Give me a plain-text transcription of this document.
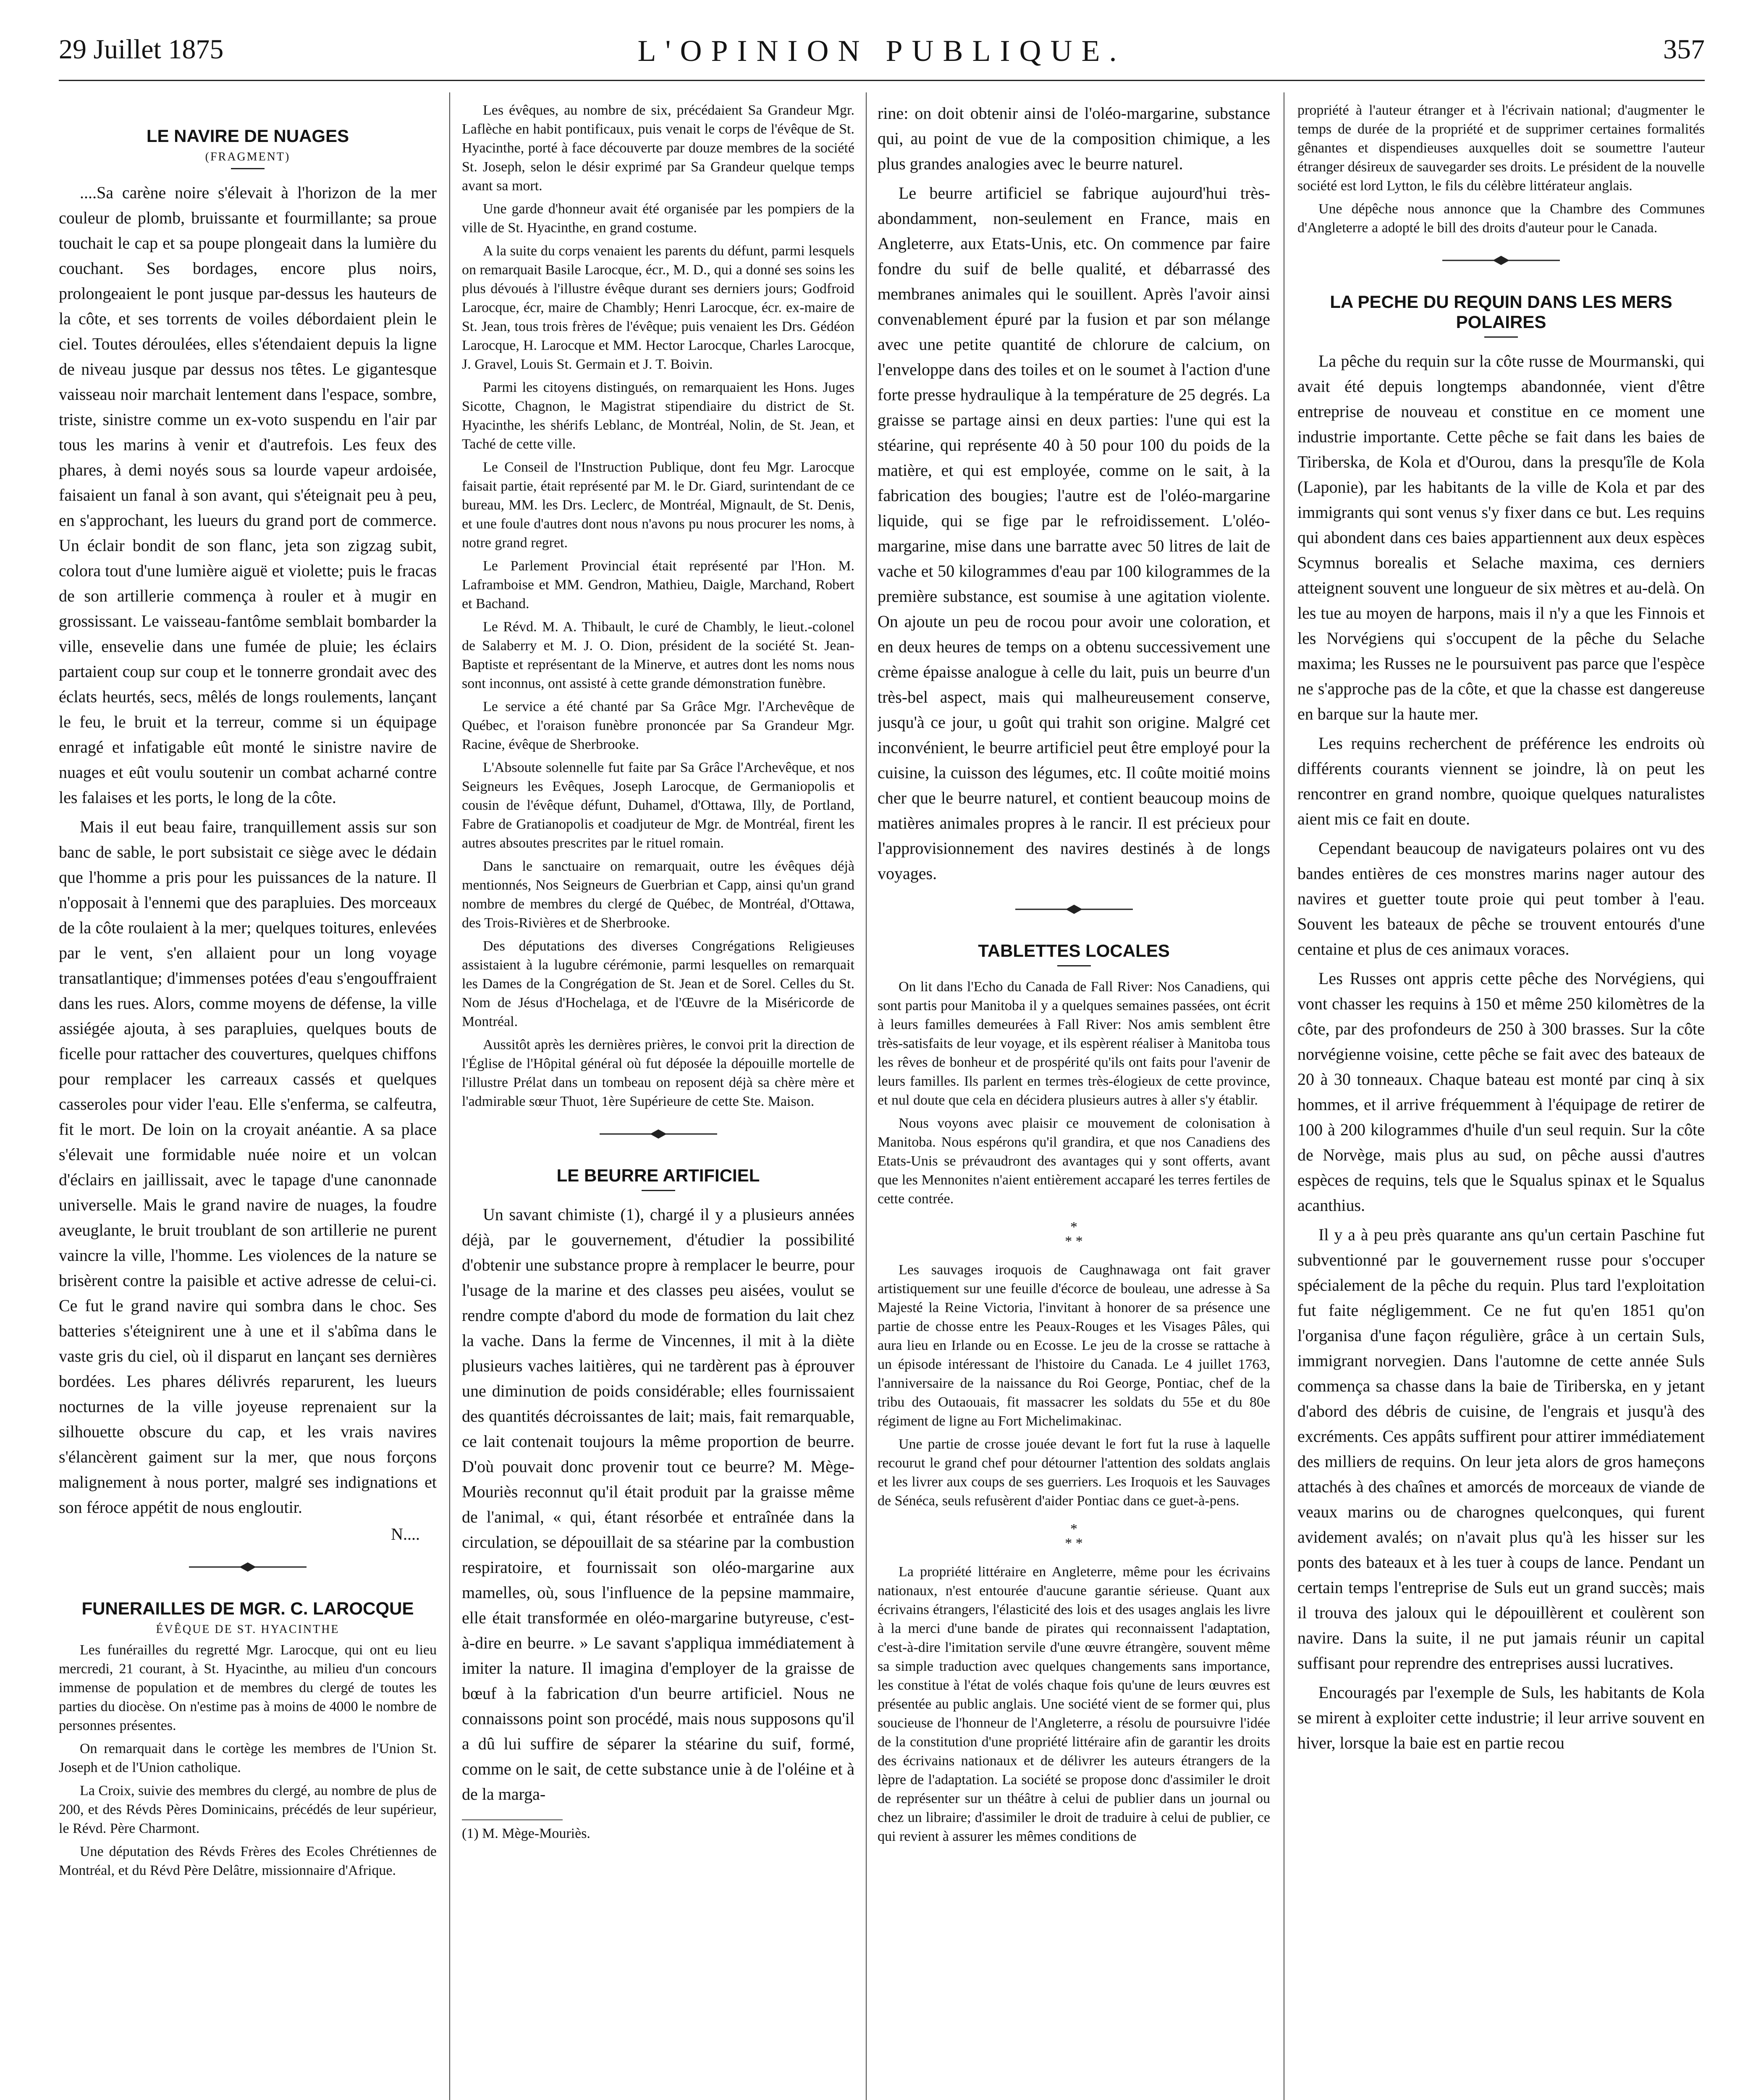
29 Juillet 1875	L'OPINION PUBLIQUE.	357
LE NAVIRE DE NUAGES
(FRAGMENT)

....Sa carène noire s'élevait à l'horizon de la mer couleur de plomb, bruissante et fourmillante; sa proue touchait le cap et sa poupe plongeait dans la lumière du couchant. Ses bordages, encore plus noirs, prolongeaient le pont jusque par-dessus les hauteurs de la côte, et ses torrents de voiles débordaient plein le ciel. Toutes déroulées, elles s'étendaient depuis la ligne de niveau jusque par dessus nos têtes. Le gigantesque vaisseau noir marchait lentement dans l'espace, sombre, triste, sinistre comme un ex-voto suspendu en l'air par tous les marins à venir et d'autrefois. Les feux des phares, à demi noyés sous sa lourde vapeur ardoisée, faisaient un fanal à son avant, qui s'éteignait peu à peu, en s'approchant, les lueurs du grand port de commerce. Un éclair bondit de son flanc, jeta son zigzag subit, colora tout d'une lumière aiguë et violette; puis le fracas de son artillerie commença à rouler et à mugir en grossissant. Le vaisseau-fantôme semblait bombarder la ville, ensevelie dans une fumée de pluie; les éclairs partaient coup sur coup et le tonnerre grondait avec des éclats heurtés, secs, mêlés de longs roulements, lançant le feu, le bruit et la terreur, comme si un équipage enragé et infatigable eût monté le sinistre navire de nuages et eût voulu soutenir un combat acharné contre les falaises et les ports, le long de la côte.

Mais il eut beau faire, tranquillement assis sur son banc de sable, le port subsistait ce siège avec le dédain que l'homme a pris pour les puissances de la nature. Il n'opposait à l'ennemi que des parapluies. Des morceaux de la côte roulaient à la mer; quelques toitures, enlevées par le vent, s'en allaient pour un long voyage transatlantique; d'immenses potées d'eau s'engouffraient dans les rues. Alors, comme moyens de défense, la ville assiégée ajouta, à ses parapluies, quelques bouts de ficelle pour rattacher des couvertures, quelques chiffons pour remplacer les carreaux cassés et quelques casseroles pour vider l'eau. Elle s'enferma, se calfeutra, fit le mort. De loin on la croyait anéantie. A sa place s'élevait une formidable nuée noire et un volcan d'éclairs en jaillissait, avec le tapage d'une canonnade universelle. Mais le grand navire de nuages, la foudre aveuglante, le bruit troublant de son artillerie ne purent vaincre la ville, l'homme. Les violences de la nature se brisèrent contre la paisible et active adresse de celui-ci. Ce fut le grand navire qui sombra dans le choc. Ses batteries s'éteignirent une à une et il s'abîma dans le vaste gris du ciel, où il disparut en lançant ses dernières bordées. Les phares délivrés reparurent, les lueurs nocturnes de la ville joyeuse reprenaient sur la silhouette obscure du cap, et les vrais navires s'élancèrent gaiment sur la mer, que nous forçons malignement à nous porter, malgré ses indignations et son féroce appétit de nous engloutir.

N....
FUNERAILLES DE MGR. C. LAROCQUE
ÉVÊQUE DE ST. HYACINTHE

Les funérailles du regretté Mgr. Larocque, qui ont eu lieu mercredi, 21 courant, à St. Hyacinthe, au milieu d'un concours immense de population et de membres du clergé de toutes les parties du diocèse. On n'estime pas à moins de 4000 le nombre de personnes présentes.

On remarquait dans le cortège les membres de l'Union St. Joseph et de l'Union catholique.

La Croix, suivie des membres du clergé, au nombre de plus de 200, et des Révds Pères Dominicains, précédés de leur supérieur, le Révd. Père Charmont.

Une députation des Révds Frères des Ecoles Chrétiennes de Montréal, et du Révd Père Delâtre, missionnaire d'Afrique.

Les évêques, au nombre de six, précédaient Sa Grandeur Mgr. Laflèche en habit pontificaux, puis venait le corps de l'évêque de St. Hyacinthe, porté à face découverte par douze membres de la société St. Joseph, selon le désir exprimé par Sa Grandeur quelque temps avant sa mort.

Une garde d'honneur avait été organisée par les pompiers de la ville de St. Hyacinthe, en grand costume.

A la suite du corps venaient les parents du défunt, parmi lesquels on remarquait Basile Larocque, écr., M. D., qui a donné ses soins les plus dévoués à l'illustre évêque durant ses derniers jours; Godfroid Larocque, écr, maire de Chambly; Henri Larocque, écr. ex-maire de St. Jean, tous trois frères de l'évêque; puis venaient les Drs. Gédéon Larocque, H. Larocque et MM. Hector Larocque, Charles Larocque, J. Gravel, Louis St. Germain et J. T. Boivin.

Parmi les citoyens distingués, on remarquaient les Hons. Juges Sicotte, Chagnon, le Magistrat stipendiaire du district de St. Hyacinthe, les shérifs Leblanc, de Montréal, Nolin, de St. Jean, et Taché de cette ville.

Le Conseil de l'Instruction Publique, dont feu Mgr. Larocque faisait partie, était représenté par M. le Dr. Giard, surintendant de ce bureau, MM. les Drs. Leclerc, de Montréal, Mignault, de St. Denis, et une foule d'autres dont nous n'avons pu nous procurer les noms, à notre grand regret.

Le Parlement Provincial était représenté par l'Hon. M. Laframboise et MM. Gendron, Mathieu, Daigle, Marchand, Robert et Bachand.

Le Révd. M. A. Thibault, le curé de Chambly, le lieut.-colonel de Salaberry et M. J. O. Dion, président de la société St. Jean-Baptiste et représentant de la Minerve, et autres dont les noms nous sont inconnus, ont assisté à cette grande démonstration funèbre.

Le service a été chanté par Sa Grâce Mgr. l'Archevêque de Québec, et l'oraison funèbre prononcée par Sa Grandeur Mgr. Racine, évêque de Sherbrooke.

L'Absoute solennelle fut faite par Sa Grâce l'Archevêque, et nos Seigneurs les Evêques, Joseph Larocque, de Germaniopolis et cousin de l'évêque défunt, Duhamel, d'Ottawa, Illy, de Portland, Fabre de Gratianopolis et coadjuteur de Mgr. de Montréal, firent les autres absoutes prescrites par le rituel romain.

Dans le sanctuaire on remarquait, outre les évêques déjà mentionnés, Nos Seigneurs de Guerbrian et Capp, ainsi qu'un grand nombre de membres du clergé de Québec, de Montréal, d'Ottawa, des Trois-Rivières et de Sherbrooke.

Des députations des diverses Congrégations Religieuses assistaient à la lugubre cérémonie, parmi lesquelles on remarquait les Dames de la Congrégation de St. Jean et de Sorel. Celles du St. Nom de Jésus d'Hochelaga, et de l'Œuvre de la Miséricorde de Montréal.

Aussitôt après les dernières prières, le convoi prit la direction de l'Église de l'Hôpital général où fut déposée la dépouille mortelle de l'illustre Prélat dans un tombeau on reposent déjà sa chère mère et l'admirable sœur Thuot, 1ère Supérieure de cette Ste. Maison.

LE BEURRE ARTIFICIEL

Un savant chimiste (1), chargé il y a plusieurs années déjà, par le gouvernement, d'étudier la possibilité d'obtenir une substance propre à remplacer le beurre, pour l'usage de la marine et des classes peu aisées, voulut se rendre compte d'abord du mode de formation du lait chez la vache. Dans la ferme de Vincennes, il mit à la diète plusieurs vaches laitières, qui ne tardèrent pas à éprouver une diminution de poids considérable; elles fournissaient des quantités décroissantes de lait; mais, fait remarquable, ce lait contenait toujours la même proportion de beurre. D'où pouvait donc provenir tout ce beurre? M. Mège-Mouriès reconnut qu'il était produit par la graisse même de l'animal, « qui, étant résorbée et entraînée dans la circulation, se dépouillait de sa stéarine par la combustion respiratoire, et fournissait son oléo-margarine aux mamelles, où, sous l'influence de la pepsine mammaire, elle était transformée en oléo-margarine butyreuse, c'est-à-dire en beurre. » Le savant s'appliqua immédiatement à imiter la nature. Il imagina d'employer de la graisse de bœuf à la fabrication d'un beurre artificiel. Nous ne connaissons point son procédé, mais nous supposons qu'il a dû lui suffire de séparer la stéarine du suif, formé, comme on le sait, de cette substance unie à de l'oléine et à de la marga-

(1) M. Mège-Mouriès.

rine: on doit obtenir ainsi de l'oléo-margarine, substance qui, au point de vue de la composition chimique, a les plus grandes analogies avec le beurre naturel.

Le beurre artificiel se fabrique aujourd'hui très-abondamment, non-seulement en France, mais en Angleterre, aux Etats-Unis, etc. On commence par faire fondre du suif de belle qualité, et débarrassé des membranes animales qui le souillent. Après l'avoir ainsi convenablement épuré par la fusion et par son mélange avec une petite quantité de chlorure de calcium, on l'enveloppe dans des toiles et on le soumet à l'action d'une forte presse hydraulique à la température de 25 degrés. La graisse se partage ainsi en deux parties: l'une qui est la stéarine, qui représente 40 à 50 pour 100 du poids de la matière, et qui est employée, comme on le sait, à la fabrication des bougies; l'autre est de l'oléo-margarine liquide, qui se fige par le refroidissement. L'oléo-margarine, mise dans une barratte avec 50 litres de lait de vache et 50 kilogrammes d'eau par 100 kilogrammes de la première substance, est soumise à une agitation violente. On ajoute un peu de rocou pour avoir une coloration, et en deux heures de temps on a obtenu successivement une crème épaisse analogue à celle du lait, puis un beurre d'un très-bel aspect, mais qui malheureusement conserve, jusqu'à ce jour, u goût qui trahit son origine. Malgré cet inconvénient, le beurre artificiel peut être employé pour la cuisine, la cuisson des légumes, etc. Il coûte moitié moins cher que le beurre naturel, et contient beaucoup moins de matières animales propres à le rancir. Il est précieux pour l'approvisionnement des navires destinés à de longs voyages.

TABLETTES LOCALES

On lit dans l'Echo du Canada de Fall River: Nos Canadiens, qui sont partis pour Manitoba il y a quelques semaines passées, ont écrit à leurs familles demeurées à Fall River: Nos amis semblent être très-satisfaits de leur voyage, et ils espèrent réaliser à Manitoba tous les rêves de bonheur et de prospérité qu'ils ont faits pour l'avenir de leurs familles. Ils parlent en termes très-élogieux de cette province, et nul doute que cela en décidera plusieurs autres à aller s'y établir.

Nous voyons avec plaisir ce mouvement de colonisation à Manitoba. Nous espérons qu'il grandira, et que nos Canadiens des Etats-Unis se prévaudront des avantages qui y sont offerts, avant que les Mennonites n'aient entièrement accaparé les terres fertiles de cette contrée.

*
* *

Les sauvages iroquois de Caughnawaga ont fait graver artistiquement sur une feuille d'écorce de bouleau, une adresse à Sa Majesté la Reine Victoria, l'invitant à honorer de sa présence une partie de chosse entre les Peaux-Rouges et les Visages Pâles, qui aura lieu en Irlande ou en Ecosse. Le jeu de la crosse se rattache à un épisode intéressant de l'histoire du Canada. Le 4 juillet 1763, l'anniversaire de la naissance du Roi George, Pontiac, chef de la tribu des Outaouais, fit massacrer les soldats du 55e et du 80e régiment de ligne au Fort Michelimakinac.

Une partie de crosse jouée devant le fort fut la ruse à laquelle recourut le grand chef pour détourner l'attention des soldats anglais et les livrer aux coups de ses guerriers. Les Iroquois et les Sauvages de Sénéca, seuls refusèrent d'aider Pontiac dans ce guet-à-pens.

*
* *

La propriété littéraire en Angleterre, même pour les écrivains nationaux, n'est entourée d'aucune garantie sérieuse. Quant aux écrivains étrangers, l'élasticité des lois et des usages anglais les livre à la merci d'une bande de pirates qui reconnaissent l'adaptation, c'est-à-dire l'imitation servile d'une œuvre étrangère, souvent même sa simple traduction avec quelques changements sans importance, les constitue à l'état de volés chaque fois qu'une de leurs œuvres est présentée au public anglais. Une société vient de se former qui, plus soucieuse de l'honneur de l'Angleterre, a résolu de poursuivre l'idée de la constitution d'une propriété littéraire afin de garantir les droits des écrivains nationaux et de délivrer les auteurs étrangers de la lèpre de l'adaptation. La société se propose donc d'assimiler le droit de représenter sur un théâtre à celui de publier dans un journal ou chez un libraire; d'assimiler le droit de traduire à celui de publier, ce qui revient à assurer les mêmes conditions de

propriété à l'auteur étranger et à l'écrivain national; d'augmenter le temps de durée de la propriété et de supprimer certaines formalités gênantes et dispendieuses auxquelles doit se soumettre l'auteur étranger désireux de sauvegarder ses droits. Le président de la nouvelle société est lord Lytton, le fils du célèbre littérateur anglais.

Une dépêche nous annonce que la Chambre des Communes d'Angleterre a adopté le bill des droits d'auteur pour le Canada.

LA PECHE DU REQUIN DANS LES MERS POLAIRES

La pêche du requin sur la côte russe de Mourmanski, qui avait été depuis longtemps abandonnée, vient d'être entreprise de nouveau et constitue en ce moment une industrie importante. Cette pêche se fait dans les baies de Tiriberska, de Kola et d'Ourou, dans la presqu'île de Kola (Laponie), par les habitants de la ville de Kola et par des immigrants qui sont venus s'y fixer dans ce but. Les requins qui abondent dans ces baies appartiennent aux deux espèces Scymnus borealis et Selache maxima, ces derniers atteignent souvent une longueur de six mètres et au-delà. On les tue au moyen de harpons, mais il n'y a que les Finnois et les Norvégiens qui s'occupent de la pêche du Selache maxima; les Russes ne le poursuivent pas parce que l'espèce ne s'approche pas de la côte, et que la chasse est dangereuse en barque sur la haute mer.

Les requins recherchent de préférence les endroits où différents courants viennent se joindre, là on peut les rencontrer en grand nombre, quoique quelques naturalistes aient mis ce fait en doute.

Cependant beaucoup de navigateurs polaires ont vu des bandes entières de ces monstres marins nager autour des navires et guetter toute proie qui peut tomber à l'eau. Souvent les bateaux de pêche se trouvent entourés d'une centaine et plus de ces animaux voraces.

Les Russes ont appris cette pêche des Norvégiens, qui vont chasser les requins à 150 et même 250 kilomètres de la côte, par des profondeurs de 250 à 300 brasses. Sur la côte norvégienne voisine, cette pêche se fait avec des bateaux de 20 à 30 tonneaux. Chaque bateau est monté par cinq à six hommes, et il arrive fréquemment à l'équipage de retirer de 100 à 200 kilogrammes d'huile d'un seul requin. Sur la côte de Norvège, mais plus au sud, on pêche aussi d'autres espèces de requins, tels que le Squalus spinax et le Squalus acanthius.

Il y a à peu près quarante ans qu'un certain Paschine fut subventionné par le gouvernement russe pour s'occuper spécialement de la pêche du requin. Plus tard l'exploitation fut faite négligemment. Ce ne fut qu'en 1851 qu'on l'organisa d'une façon régulière, grâce à un certain Suls, immigrant norvegien. Dans l'automne de cette année Suls commença sa chasse dans la baie de Tiriberska, en y jetant d'abord des débris de cuisine, de l'engrais et jusqu'à des excréments. Ces appâts suffirent pour attirer immédiatement des milliers de requins. On leur jeta alors de gros hameçons attachés à des chaînes et amorcés de morceaux de viande de veaux marins ou de charognes quelconques, qui furent avidement avalés; on n'avait plus qu'à les hisser sur les ponts des bateaux et à les tuer à coups de lance. Pendant un certain temps l'entreprise de Suls eut un grand succès; mais il trouva des jaloux qui le dépouillèrent et coulèrent son navire. Dans la suite, il ne put jamais réunir un capital suffisant pour reprendre des entreprises aussi lucratives.

Encouragés par l'exemple de Suls, les habitants de Kola se mirent à exploiter cette industrie; il leur arrive souvent en hiver, lorsque la baie est en partie recou
